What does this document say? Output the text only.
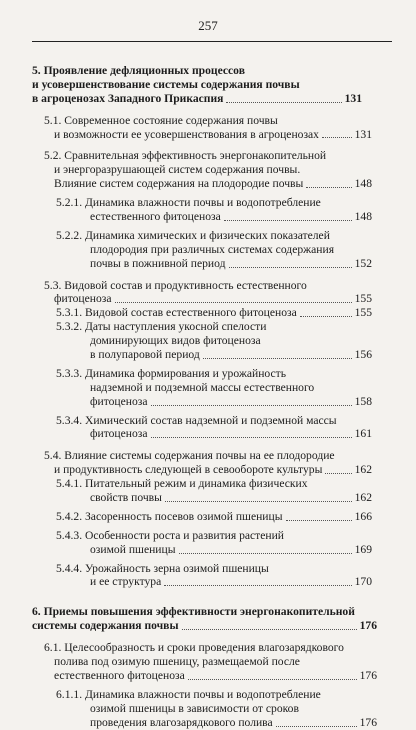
257
5. Проявление дефляционных процессов
и усовершенствование системы содержания почвы
в агроценозах Западного Прикаспия	131
5.1. Современное состояние содержания почвы
и возможности ее усовершенствования в агроценозах	131
5.2. Сравнительная эффективность энергонакопительной
и энергоразрушающей систем содержания почвы.
Влияние систем содержания на плодородие почвы	148
5.2.1. Динамика влажности почвы и водопотребление
естественного фитоценоза	148
5.2.2. Динамика химических и физических показателей
плодородия при различных системах содержания
почвы в пожнивной период	152
5.3. Видовой состав и продуктивность естественного
фитоценоза	155
5.3.1. Видовой состав естественного фитоценоза	155
5.3.2. Даты наступления укосной спелости
доминирующих видов фитоценоза
в полупаровой период	156
5.3.3. Динамика формирования и урожайность
надземной и подземной массы естественного
фитоценоза	158
5.3.4. Химический состав надземной и подземной массы
фитоценоза	161
5.4. Влияние системы содержания почвы на ее плодородие
и продуктивность следующей в севообороте культуры	162
5.4.1. Питательный режим и динамика физических
свойств почвы	162
5.4.2. Засоренность посевов озимой пшеницы	166
5.4.3. Особенности роста и развития растений
озимой пшеницы	169
5.4.4. Урожайность зерна озимой пшеницы
и ее структура	170
6. Приемы повышения эффективности энергонакопительной
системы содержания почвы	176
6.1. Целесообразность и сроки проведения влагозарядкового
полива под озимую пшеницу, размещаемой после
естественного фитоценоза	176
6.1.1. Динамика влажности почвы и водопотребление
озимой пшеницы в зависимости от сроков
проведения влагозарядкового полива	176
